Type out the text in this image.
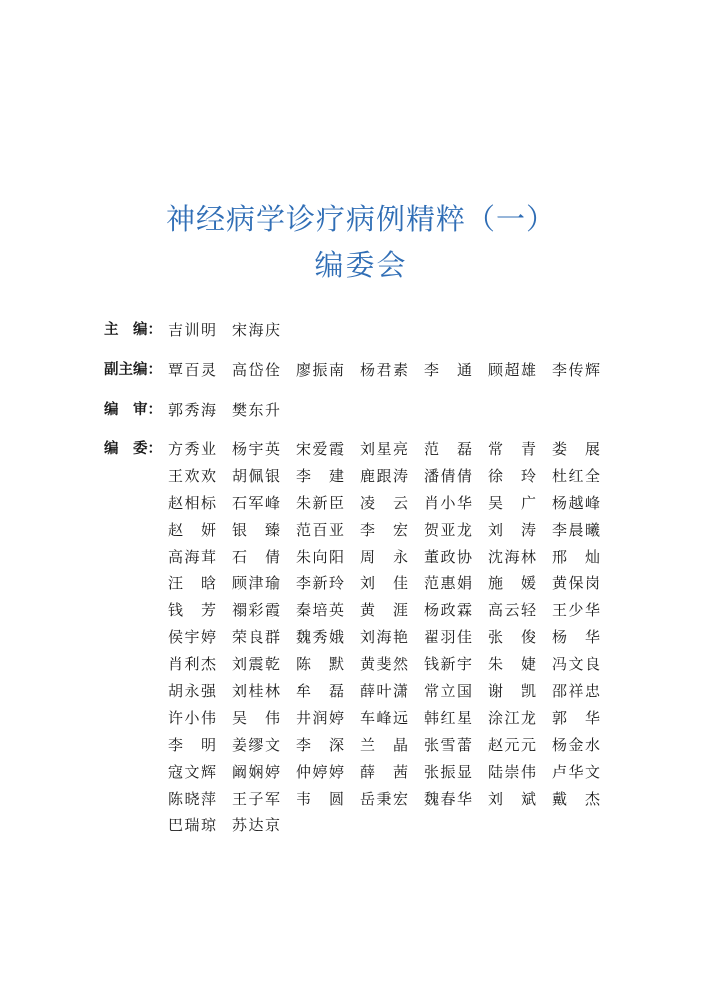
神经病学诊疗病例精粹（一）
编委会
主　编： 吉 训 明 宋 海 庆
副主编： 覃 百 灵 高 岱 佺 廖 振 南 杨 君 素 李 通 顾 超 雄 李 传 辉
编　审： 郭 秀 海 樊 东 升
编　委： 方 秀 业 杨 宇 英 宋 爱 霞 刘 星 亮 范 磊 常 青 娄 展
王 欢 欢 胡 佩 银 李 建 鹿 跟 涛 潘 倩 倩 徐 玲 杜 红 全
赵 相 标 石 军 峰 朱 新 臣 凌 云 肖 小 华 吴 广 杨 越 峰
赵 妍 银 臻 范 百 亚 李 宏 贺 亚 龙 刘 涛 李 晨 曦
高 海 茸 石 倩 朱 向 阳 周 永 董 政 协 沈 海 林 邢 灿
汪 晗 顾 津 瑜 李 新 玲 刘 佳 范 惠 娟 施 媛 黄 保 岗
钱 芳 禤 彩 霞 秦 培 英 黄 涯 杨 政 霖 高 云 轻 王 少 华
侯 宇 婷 荣 良 群 魏 秀 娥 刘 海 艳 翟 羽 佳 张 俊 杨 华
肖 利 杰 刘 震 乾 陈 默 黄 斐 然 钱 新 宇 朱 婕 冯 文 良
胡 永 强 刘 桂 林 牟 磊 薛 叶 潇 常 立 国 谢 凯 邵 祥 忠
许 小 伟 吴 伟 井 润 婷 车 峰 远 韩 红 星 涂 江 龙 郭 华
李 明 姜 缪 文 李 深 兰 晶 张 雪 蕾 赵 元 元 杨 金 水
寇 文 辉 阚 娴 婷 仲 婷 婷 薛 茜 张 振 显 陆 崇 伟 卢 华 文
陈 晓 萍 王 子 军 韦 圆 岳 秉 宏 魏 春 华 刘 斌 戴 杰
巴 瑞 琼 苏 达 京
